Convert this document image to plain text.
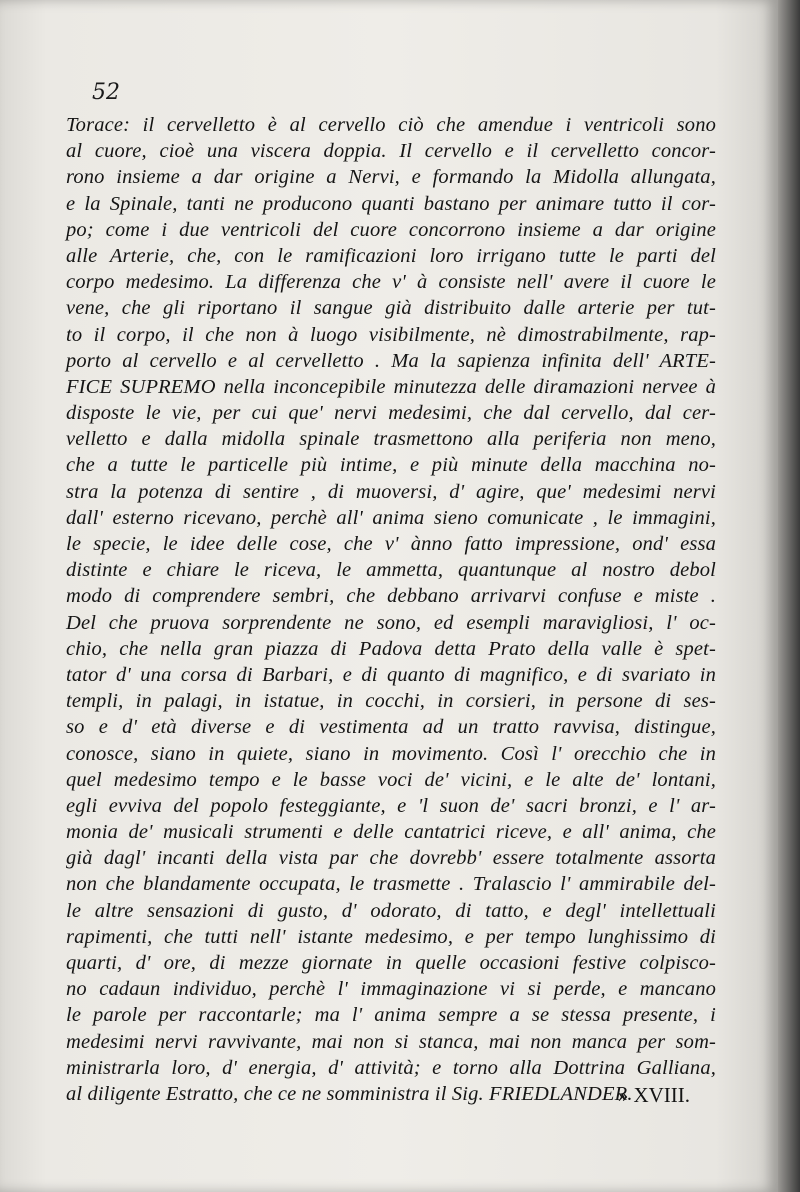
52
Torace: il cervelletto è al cervello ciò che amendue i ventricoli sono
al cuore, cioè una viscera doppia. Il cervello e il cervelletto concor-
rono insieme a dar origine a Nervi, e formando la Midolla allungata,
e la Spinale, tanti ne producono quanti bastano per animare tutto il cor-
po; come i due ventricoli del cuore concorrono insieme a dar origine
alle Arterie, che, con le ramificazioni loro irrigano tutte le parti del
corpo medesimo. La differenza che v' à consiste nell' avere il cuore le
vene, che gli riportano il sangue già distribuito dalle arterie per tut-
to il corpo, il che non à luogo visibilmente, nè dimostrabilmente, rap-
porto al cervello e al cervelletto . Ma la sapienza infinita dell' ARTE-
FICE SUPREMO nella inconcepibile minutezza delle diramazioni nervee à
disposte le vie, per cui que' nervi medesimi, che dal cervello, dal cer-
velletto e dalla midolla spinale trasmettono alla periferia non meno,
che a tutte le particelle più intime, e più minute della macchina no-
stra la potenza di sentire , di muoversi, d' agire, que' medesimi nervi
dall' esterno ricevano, perchè all' anima sieno comunicate , le immagini,
le specie, le idee delle cose, che v' ànno fatto impressione, ond' essa
distinte e chiare le riceva, le ammetta, quantunque al nostro debol
modo di comprendere sembri, che debbano arrivarvi confuse e miste .
Del che pruova sorprendente ne sono, ed esempli maravigliosi, l' oc-
chio, che nella gran piazza di Padova detta Prato della valle è spet-
tator d' una corsa di Barbari, e di quanto di magnifico, e di svariato in
templi, in palagi, in istatue, in cocchi, in corsieri, in persone di ses-
so e d' età diverse e di vestimenta ad un tratto ravvisa, distingue,
conosce, siano in quiete, siano in movimento. Così l' orecchio che in
quel medesimo tempo e le basse voci de' vicini, e le alte de' lontani,
egli evviva del popolo festeggiante, e 'l suon de' sacri bronzi, e l' ar-
monia de' musicali strumenti e delle cantatrici riceve, e all' anima, che
già dagl' incanti della vista par che dovrebb' essere totalmente assorta
non che blandamente occupata, le trasmette . Tralascio l' ammirabile del-
le altre sensazioni di gusto, d' odorato, di tatto, e degl' intellettuali
rapimenti, che tutti nell' istante medesimo, e per tempo lunghissimo di
quarti, d' ore, di mezze giornate in quelle occasioni festive colpisco-
no cadaun individuo, perchè l' immaginazione vi si perde, e mancano
le parole per raccontarle; ma l' anima sempre a se stessa presente, i
medesimi nervi ravvivante, mai non si stanca, mai non manca per som-
ministrarla loro, d' energia, d' attività; e torno alla Dottrina Galliana,
al diligente Estratto, che ce ne somministra il Sig. FRIEDLANDER.
» XVIII.
